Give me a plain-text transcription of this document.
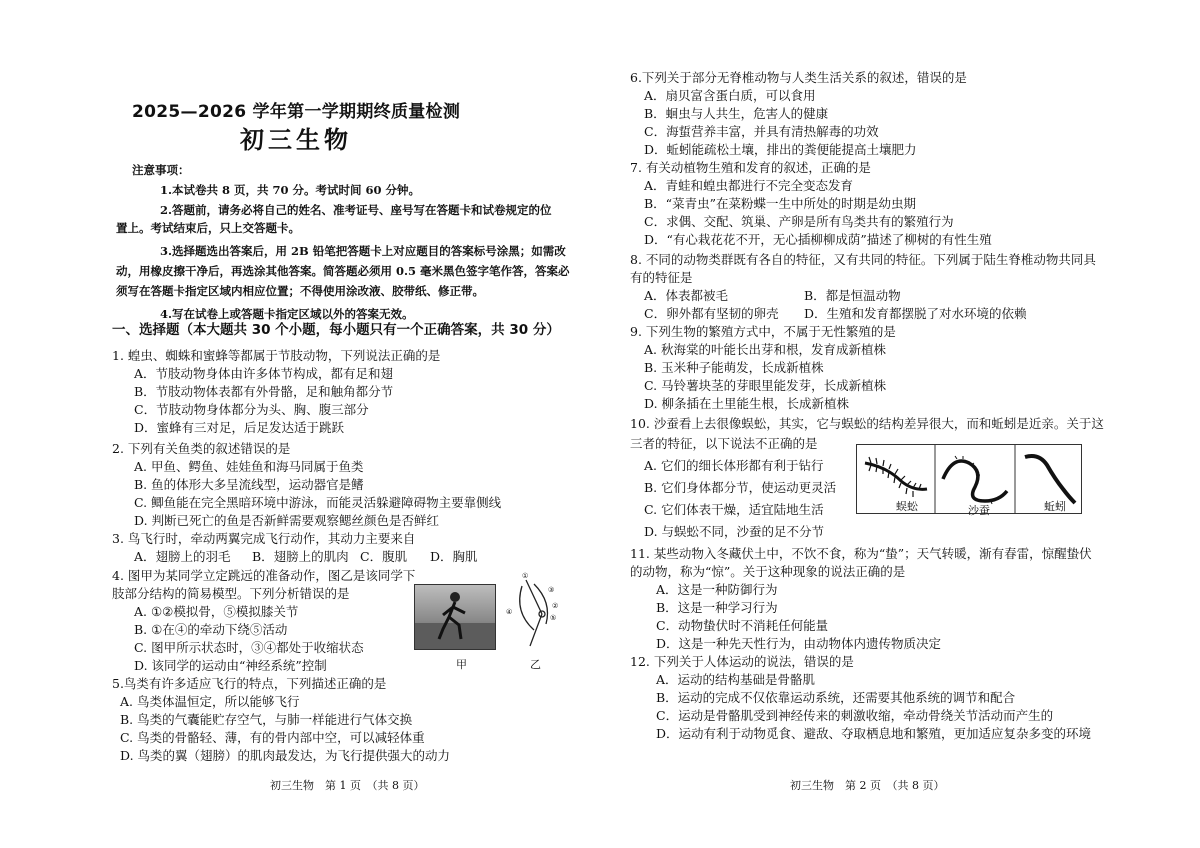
2025—2026 学年第一学期期终质量检测
初三生物
注意事项：
1.本试卷共 8 页，共 70 分。考试时间 60 分钟。
2.答题前，请务必将自己的姓名、准考证号、座号写在答题卡和试卷规定的位
置上。考试结束后，只上交答题卡。
3.选择题选出答案后，用 2B 铅笔把答题卡上对应题目的答案标号涂黑；如需改
动，用橡皮擦干净后，再选涂其他答案。简答题必须用 0.5 毫米黑色签字笔作答，答案必
须写在答题卡指定区域内相应位置；不得使用涂改液、胶带纸、修正带。
4.写在试卷上或答题卡指定区域以外的答案无效。
一、选择题（本大题共 30 个小题，每小题只有一个正确答案，共 30 分）
1. 蝗虫、蜘蛛和蜜蜂等都属于节肢动物，下列说法正确的是
A．节肢动物身体由许多体节构成，都有足和翅
B．节肢动物体表都有外骨骼，足和触角都分节
C．节肢动物身体都分为头、胸、腹三部分
D．蜜蜂有三对足，后足发达适于跳跃
2. 下列有关鱼类的叙述错误的是
A. 甲鱼、鳄鱼、娃娃鱼和海马同属于鱼类
B. 鱼的体形大多呈流线型，运动器官是鳍
C. 鲫鱼能在完全黑暗环境中游泳，而能灵活躲避障碍物主要靠侧线
D. 判断已死亡的鱼是否新鲜需要观察鳃丝颜色是否鲜红
3. 鸟飞行时，牵动两翼完成飞行动作，其动力主要来自
A．翅膀上的羽毛 B．翅膀上的肌肉 C．腹肌 D．胸肌
4. 图甲为某同学立定跳远的准备动作，图乙是该同学下
肢部分结构的简易模型。下列分析错误的是
A. ①②模拟骨，⑤模拟膝关节
B. ①在④的牵动下绕⑤活动
C. 图甲所示状态时，③④都处于收缩状态
D. 该同学的运动由“神经系统”控制	甲
①
②
③
④
⑤
乙
5.鸟类有许多适应飞行的特点，下列描述正确的是
A. 鸟类体温恒定，所以能够飞行
B. 鸟类的气囊能贮存空气，与肺一样能进行气体交换
C. 鸟类的骨骼轻、薄，有的骨内部中空，可以减轻体重
D. 鸟类的翼（翅膀）的肌肉最发达，为飞行提供强大的动力
初三生物　第 1 页　（共 8 页）
6.下列关于部分无脊椎动物与人类生活关系的叙述，错误的是
A．扇贝富含蛋白质，可以食用
B．蛔虫与人共生，危害人的健康
C．海蜇营养丰富，并具有清热解毒的功效
D．蚯蚓能疏松土壤，排出的粪便能提高土壤肥力
7. 有关动植物生殖和发育的叙述，正确的是
A．青蛙和蝗虫都进行不完全变态发育
B．“菜青虫”在菜粉蝶一生中所处的时期是幼虫期
C．求偶、交配、筑巢、产卵是所有鸟类共有的繁殖行为
D．“有心栽花花不开，无心插柳柳成荫”描述了柳树的有性生殖
8. 不同的动物类群既有各自的特征，又有共同的特征。下列属于陆生脊椎动物共同具
有的特征是
A．体表都被毛	B．都是恒温动物
C．卵外都有坚韧的卵壳 D．生殖和发育都摆脱了对水环境的依赖
9. 下列生物的繁殖方式中，不属于无性繁殖的是
A. 秋海棠的叶能长出芽和根，发育成新植株
B. 玉米种子能萌发，长成新植株
C. 马铃薯块茎的芽眼里能发芽，长成新植株
D. 柳条插在土里能生根，长成新植株
10. 沙蚕看上去很像蜈蚣，其实，它与蜈蚣的结构差异很大，而和蚯蚓是近亲。关于这
三者的特征，以下说法不正确的是
A. 它们的细长体形都有利于钻行
B. 它们身体都分节，使运动更灵活
C. 它们体表干燥，适宜陆地生活
D. 与蜈蚣不同，沙蚕的足不分节
蜈蚣	沙蚕	蚯蚓
11. 某些动物入冬藏伏土中，不饮不食，称为“蛰”；天气转暖，渐有春雷，惊醒蛰伏
的动物，称为“惊”。关于这种现象的说法正确的是
A．这是一种防御行为
B．这是一种学习行为
C．动物蛰伏时不消耗任何能量
D．这是一种先天性行为，由动物体内遗传物质决定
12. 下列关于人体运动的说法，错误的是
A．运动的结构基础是骨骼肌
B．运动的完成不仅依靠运动系统，还需要其他系统的调节和配合
C．运动是骨骼肌受到神经传来的刺激收缩，牵动骨绕关节活动而产生的
D．运动有利于动物觅食、避敌、夺取栖息地和繁殖，更加适应复杂多变的环境
初三生物　第 2 页　（共 8 页）
